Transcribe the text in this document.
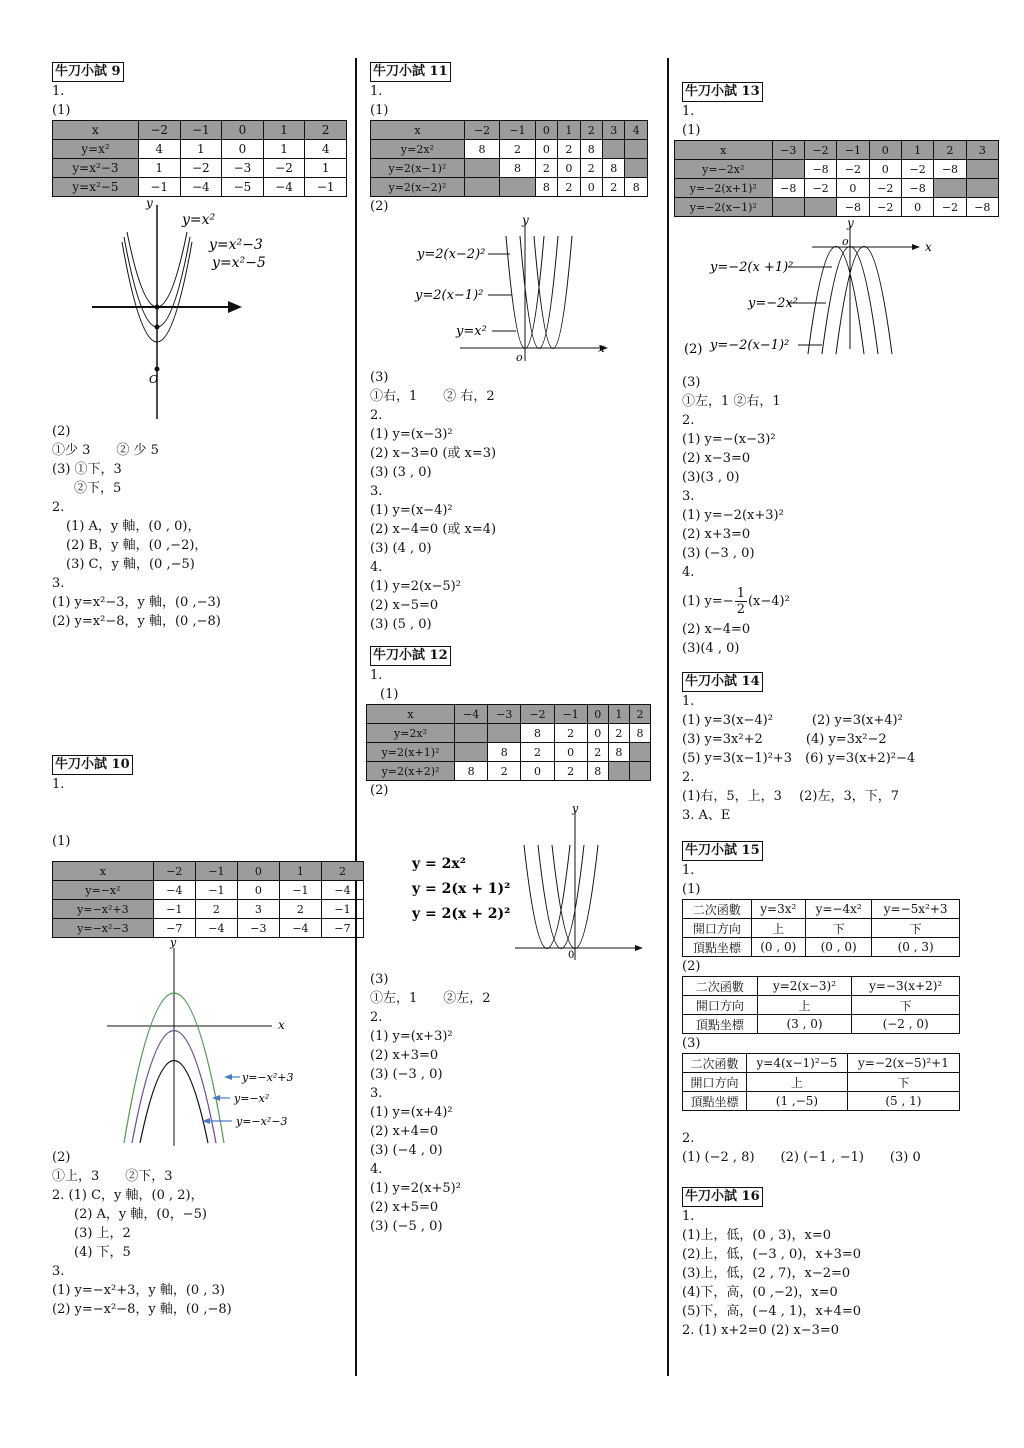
牛刀小試 9
1.
(1)
x	−2	−1	0	1	2
y=x²	4	1	0	1	4
y=x²−3	1	−2	−3	−2	1
y=x²−5	−1	−4	−5	−4	−1
y
O
y=x²
y=x²−3
y=x²−5
(2)
①少 3　　② 少 5
(3) ①下，3
②下，5
2.
(1) A，y 軸，(0 , 0)，
(2) B，y 軸，(0 ,−2)，
(3) C，y 軸，(0 ,−5)
3.
(1) y=x²−3，y 軸，(0 ,−3)
(2) y=x²−8，y 軸，(0 ,−8)
牛刀小試 10
1.
(1)
x	−2	−1	0	1	2
y=−x²	−4	−1	0	−1	−4
y=−x²+3	−1	2	3	2	−1
y=−x²−3	−7	−4	−3	−4	−7
y
x
y=−x²+3
y=−x²
y=−x²−3
(2)
①上，3　　②下，3
2. (1) C，y 軸，(0 , 2)，
(2) A，y 軸，(0，−5)
(3) 上，2
(4) 下，5
3.
(1) y=−x²+3，y 軸，(0 , 3)
(2) y=−x²−8，y 軸，(0 ,−8)
牛刀小試 11
1.
(1)
x	−2	−1	0	1	2	3	4
y=2x²	8	2	0	2	8		
y=2(x−1)²		8	2	0	2	8	
y=2(x−2)²			8	2	0	2	8
(2)
y
x
o
y=2(x−2)²
y=2(x−1)²
y=x²
(3)
①右，1　　② 右，2
2.
(1) y=(x−3)²
(2) x−3=0 (或 x=3)
(3) (3 , 0)
3.
(1) y=(x−4)²
(2) x−4=0 (或 x=4)
(3) (4 , 0)
4.
(1) y=2(x−5)²
(2) x−5=0
(3) (5 , 0)
牛刀小試 12
1.
(1)
x	−4	−3	−2	−1	0	1	2
y=2x²			8	2	0	2	8
y=2(x+1)²		8	2	0	2	8	
y=2(x+2)²	8	2	0	2	8		
(2)
y = 2x²
y = 2(x + 1)²
y = 2(x + 2)²
y
0
(3)
①左，1　　②左，2
2.
(1) y=(x+3)²
(2) x+3=0
(3) (−3 , 0)
3.
(1) y=(x+4)²
(2) x+4=0
(3) (−4 , 0)
4.
(1) y=2(x+5)²
(2) x+5=0
(3) (−5 , 0)
牛刀小試 13
1.
(1)
x	−3	−2	−1	0	1	2	3
y=−2x²		−8	−2	0	−2	−8	
y=−2(x+1)²	−8	−2	0	−2	−8		
y=−2(x−1)²			−8	−2	0	−2	−8
y
x
o
y=−2(x +1)²
y=−2x²
y=−2(x−1)²
(2)
(3)
①左，1 ②右，1
2.
(1) y=−(x−3)²
(2) x−3=0
(3)(3 , 0)
3.
(1) y=−2(x+3)²
(2) x+3=0
(3) (−3 , 0)
4.
(1) $y=- \frac{1}{2} (x-4)^2$
(2) x−4=0
(3)(4 , 0)
牛刀小試 14
1.
(1) y=3(x−4)²　　　(2) y=3(x+4)²
(3) y=3x²+2　　　 (4) y=3x²−2
(5) y=3(x−1)²+3　(6) y=3(x+2)²−4
2.
(1)右，5，上，3　 (2)左，3，下，7
3. A、E
牛刀小試 15
1.
(1)
二次函數	y=3x²	y=−4x²	y=−5x²+3
開口方向	上	下	下
頂點坐標	(0 , 0)	(0 , 0)	(0 , 3)
(2)
二次函數	y=2(x−3)²	y=−3(x+2)²
開口方向	上	下
頂點坐標	(3 , 0)	(−2 , 0)
(3)
二次函數	y=4(x−1)²−5	y=−2(x−5)²+1
開口方向	上	下
頂點坐標	(1 ,−5)	(5 , 1)
2.
(1) (−2 , 8)　　(2) (−1 , −1)　　(3) 0
牛刀小試 16
1.
(1)上，低，(0 , 3)，x=0
(2)上，低，(−3 , 0)，x+3=0
(3)上，低，(2 , 7)，x−2=0
(4)下，高，(0 ,−2)，x=0
(5)下，高，(−4 , 1)，x+4=0
2. (1) x+2=0 (2) x−3=0
